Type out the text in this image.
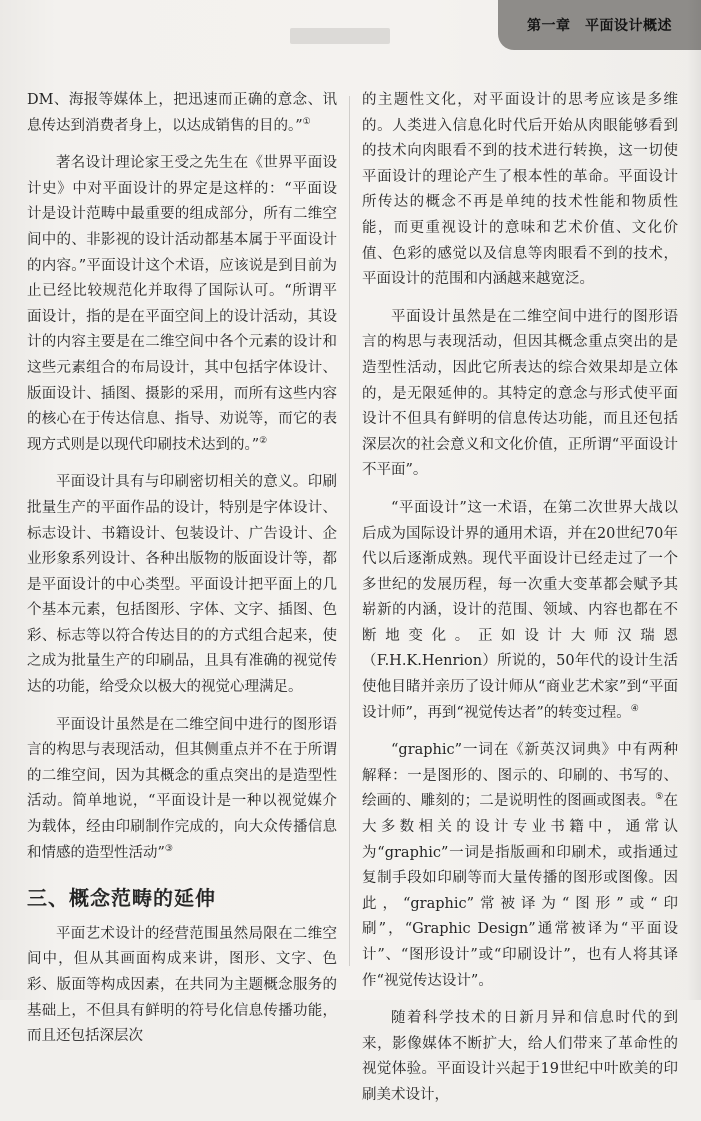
第一章　平面设计概述

DM、海报等媒体上，把迅速而正确的意念、讯息传达到消费者身上，以达成销售的目的。”①

著名设计理论家王受之先生在《世界平面设计史》中对平面设计的界定是这样的：“平面设计是设计范畴中最重要的组成部分，所有二维空间中的、非影视的设计活动都基本属于平面设计的内容。”平面设计这个术语，应该说是到目前为止已经比较规范化并取得了国际认可。“所谓平面设计，指的是在平面空间上的设计活动，其设计的内容主要是在二维空间中各个元素的设计和这些元素组合的布局设计，其中包括字体设计、版面设计、插图、摄影的采用，而所有这些内容的核心在于传达信息、指导、劝说等，而它的表现方式则是以现代印刷技术达到的。”②

平面设计具有与印刷密切相关的意义。印刷批量生产的平面作品的设计，特别是字体设计、标志设计、书籍设计、包装设计、广告设计、企业形象系列设计、各种出版物的版面设计等，都是平面设计的中心类型。平面设计把平面上的几个基本元素，包括图形、字体、文字、插图、色彩、标志等以符合传达目的的方式组合起来，使之成为批量生产的印刷品，且具有准确的视觉传达的功能，给受众以极大的视觉心理满足。

平面设计虽然是在二维空间中进行的图形语言的构思与表现活动，但其侧重点并不在于所谓的二维空间，因为其概念的重点突出的是造型性活动。简单地说，“平面设计是一种以视觉媒介为载体，经由印刷制作完成的，向大众传播信息和情感的造型性活动”③

三、概念范畴的延伸

平面艺术设计的经营范围虽然局限在二维空间中，但从其画面构成来讲，图形、文字、色彩、版面等构成因素，在共同为主题概念服务的基础上，不但具有鲜明的符号化信息传播功能，而且还包括深层次

的主题性文化，对平面设计的思考应该是多维的。人类进入信息化时代后开始从肉眼能够看到的技术向肉眼看不到的技术进行转换，这一切使平面设计的理论产生了根本性的革命。平面设计所传达的概念不再是单纯的技术性能和物质性能，而更重视设计的意味和艺术价值、文化价值、色彩的感觉以及信息等肉眼看不到的技术，平面设计的范围和内涵越来越宽泛。

平面设计虽然是在二维空间中进行的图形语言的构思与表现活动，但因其概念重点突出的是造型性活动，因此它所表达的综合效果却是立体的，是无限延伸的。其特定的意念与形式使平面设计不但具有鲜明的信息传达功能，而且还包括深层次的社会意义和文化价值，正所谓“平面设计不平面”。

“平面设计”这一术语，在第二次世界大战以后成为国际设计界的通用术语，并在20世纪70年代以后逐渐成熟。现代平面设计已经走过了一个多世纪的发展历程，每一次重大变革都会赋予其崭新的内涵，设计的范围、领域、内容也都在不断地变化。正如设计大师汉瑞恩（F.H.K.Henrion）所说的，50年代的设计生活使他目睹并亲历了设计师从“商业艺术家”到“平面设计师”，再到“视觉传达者”的转变过程。④

“graphic”一词在《新英汉词典》中有两种解释：一是图形的、图示的、印刷的、书写的、绘画的、雕刻的；二是说明性的图画或图表。⑤在大多数相关的设计专业书籍中，通常认为“graphic”一词是指版画和印刷术，或指通过复制手段如印刷等而大量传播的图形或图像。因此，“graphic”常被译为“图形”或“印刷”，“Graphic Design”通常被译为“平面设计”、“图形设计”或“印刷设计”，也有人将其译作“视觉传达设计”。

随着科学技术的日新月异和信息时代的到来，影像媒体不断扩大，给人们带来了革命性的视觉体验。平面设计兴起于19世纪中叶欧美的印刷美术设计，
